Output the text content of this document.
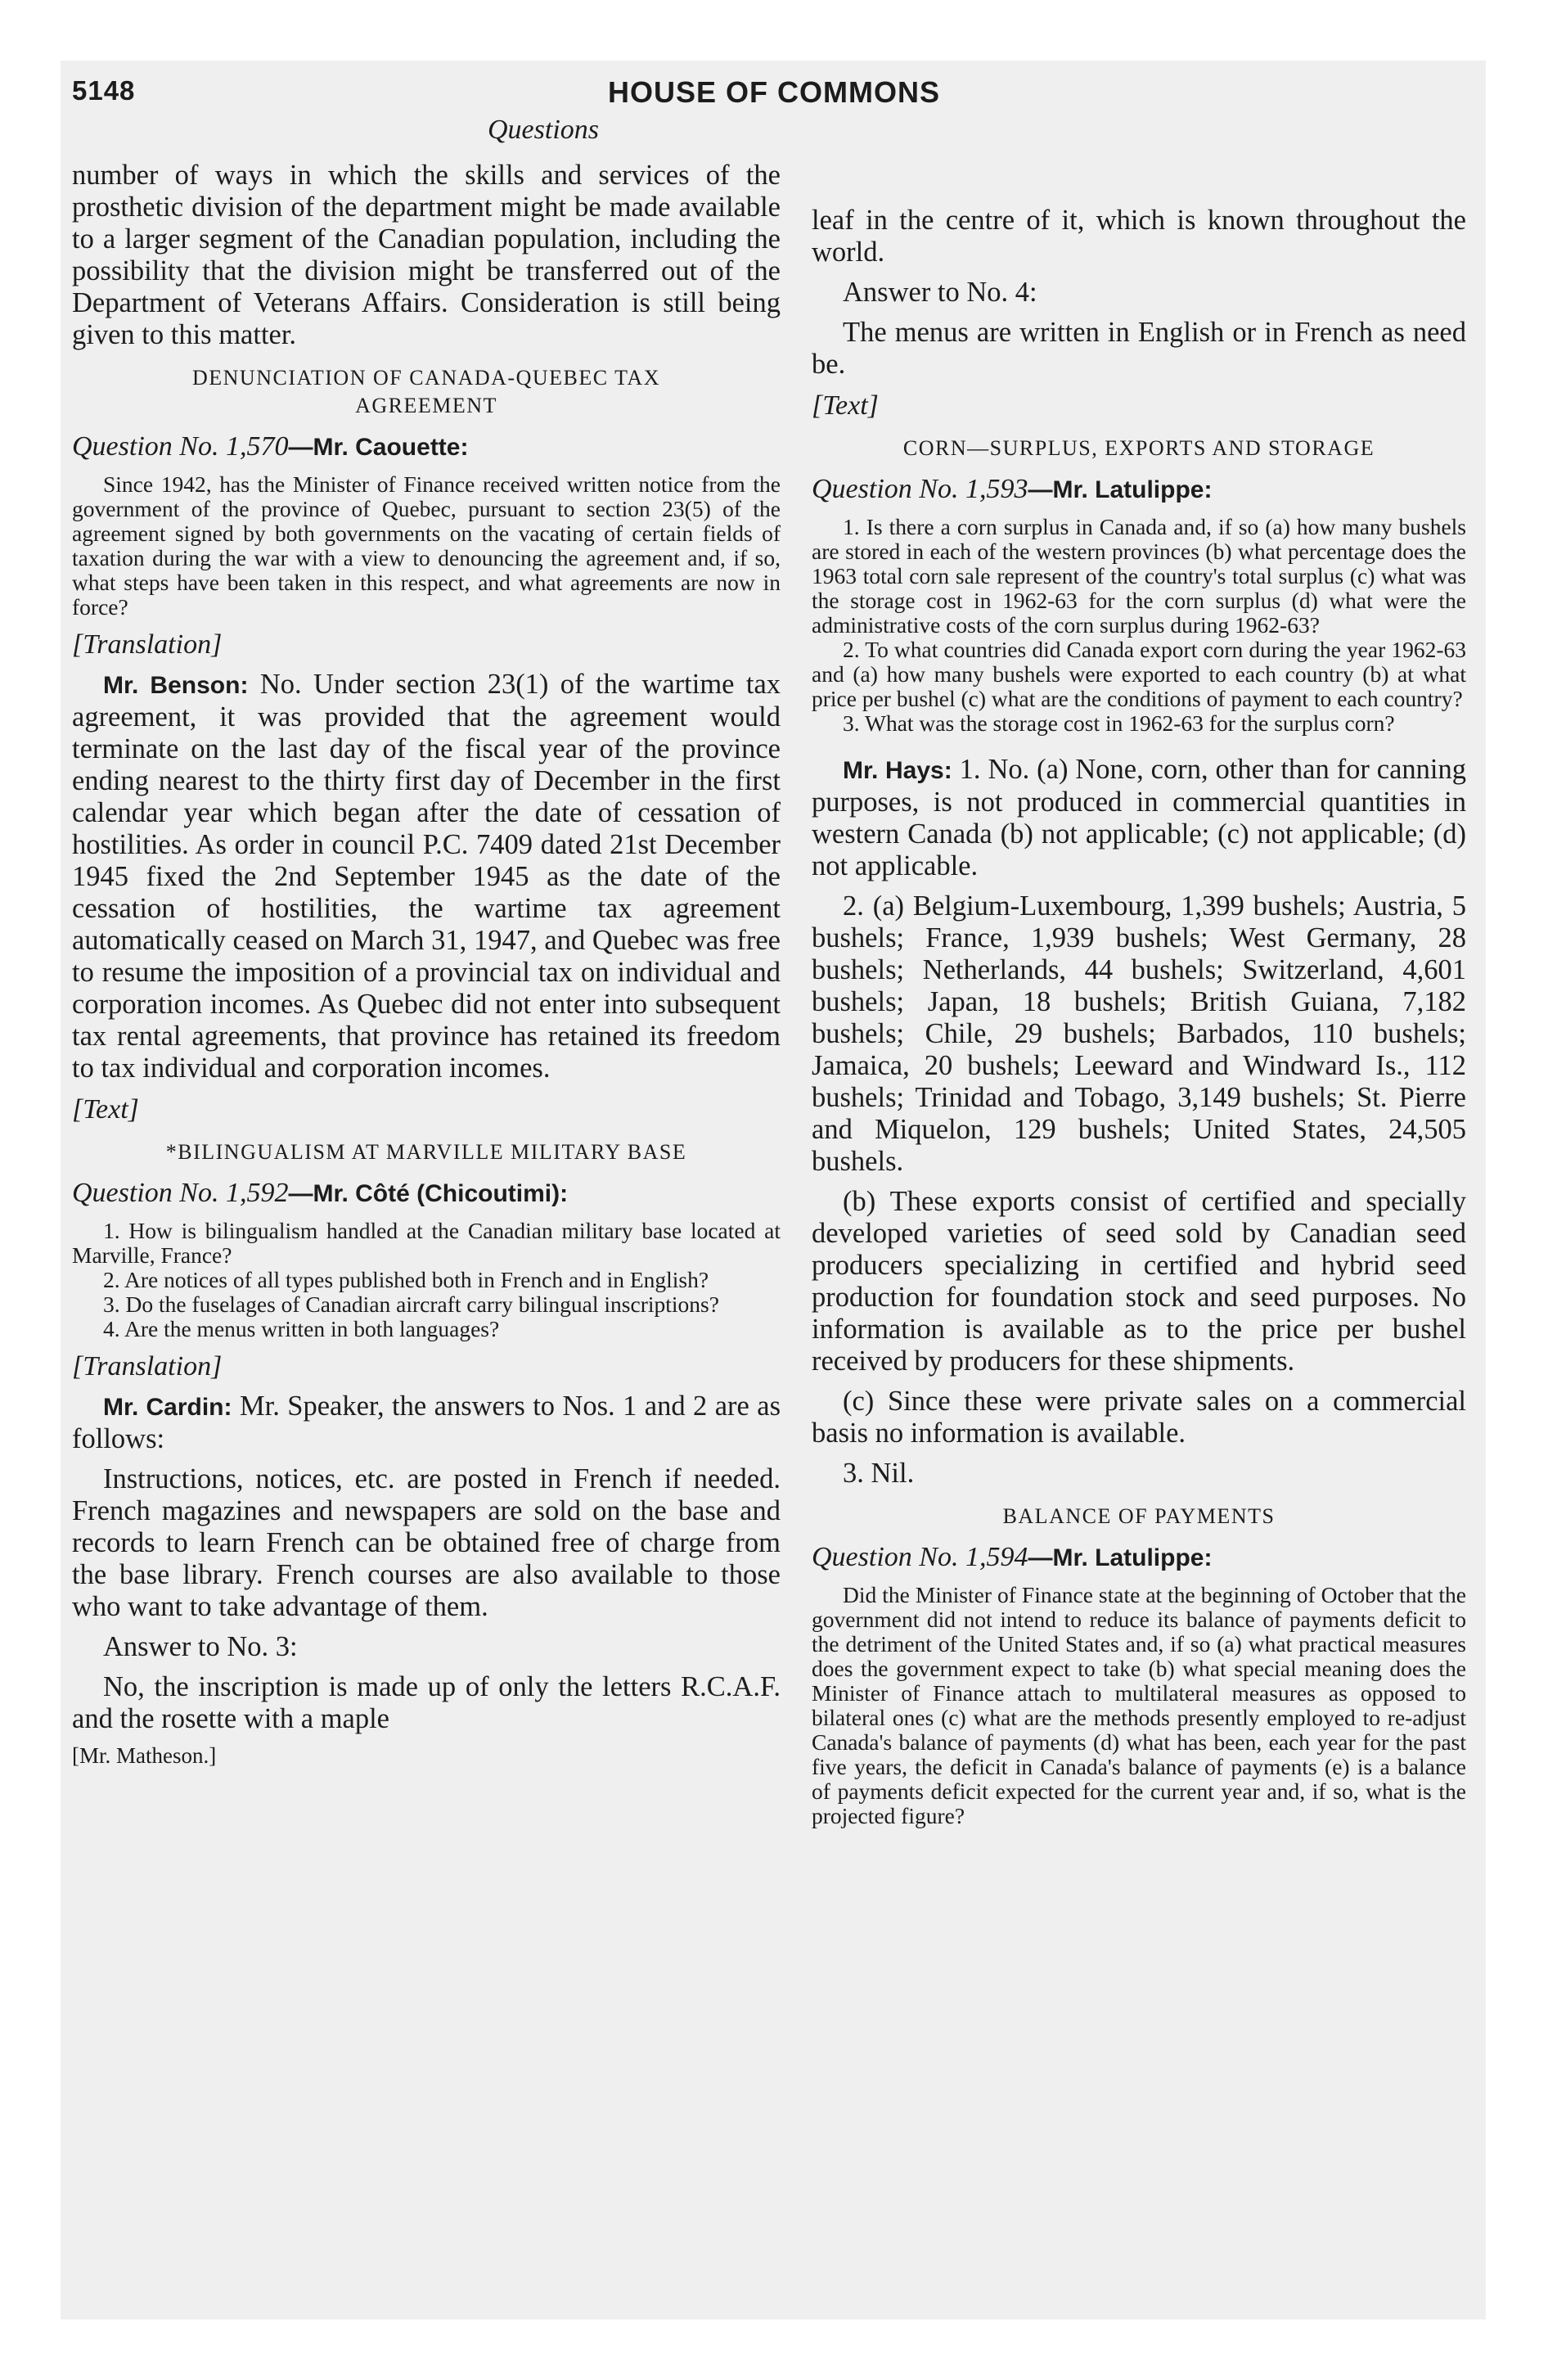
5148	HOUSE OF COMMONS
Questions

number of ways in which the skills and services of the prosthetic division of the department might be made available to a larger segment of the Canadian population, including the possibility that the division might be transferred out of the Department of Veterans Affairs. Consideration is still being given to this matter.

DENUNCIATION OF CANADA-QUEBEC TAX AGREEMENT
Question No. 1,570—Mr. Caouette:

Since 1942, has the Minister of Finance received written notice from the government of the province of Quebec, pursuant to section 23(5) of the agreement signed by both governments on the vacating of certain fields of taxation during the war with a view to denouncing the agreement and, if so, what steps have been taken in this respect, and what agreements are now in force?

[Translation]

Mr. Benson: No. Under section 23(1) of the wartime tax agreement, it was provided that the agreement would terminate on the last day of the fiscal year of the province ending nearest to the thirty first day of December in the first calendar year which began after the date of cessation of hostilities. As order in council P.C. 7409 dated 21st December 1945 fixed the 2nd September 1945 as the date of the cessation of hostilities, the wartime tax agreement automatically ceased on March 31, 1947, and Quebec was free to resume the imposition of a provincial tax on individual and corporation incomes. As Quebec did not enter into subsequent tax rental agreements, that province has retained its freedom to tax individual and corporation incomes.

[Text]
*BILINGUALISM AT MARVILLE MILITARY BASE
Question No. 1,592—Mr. Côté (Chicoutimi):

1. How is bilingualism handled at the Canadian military base located at Marville, France?

2. Are notices of all types published both in French and in English?

3. Do the fuselages of Canadian aircraft carry bilingual inscriptions?

4. Are the menus written in both languages?

[Translation]

Mr. Cardin: Mr. Speaker, the answers to Nos. 1 and 2 are as follows:

Instructions, notices, etc. are posted in French if needed. French magazines and newspapers are sold on the base and records to learn French can be obtained free of charge from the base library. French courses are also available to those who want to take advantage of them.

Answer to No. 3:

No, the inscription is made up of only the letters R.C.A.F. and the rosette with a maple

[Mr. Matheson.]

leaf in the centre of it, which is known throughout the world.

Answer to No. 4:

The menus are written in English or in French as need be.

[Text]
CORN—SURPLUS, EXPORTS AND STORAGE
Question No. 1,593—Mr. Latulippe:

1. Is there a corn surplus in Canada and, if so (a) how many bushels are stored in each of the western provinces (b) what percentage does the 1963 total corn sale represent of the country's total surplus (c) what was the storage cost in 1962-63 for the corn surplus (d) what were the administrative costs of the corn surplus during 1962-63?

2. To what countries did Canada export corn during the year 1962-63 and (a) how many bushels were exported to each country (b) at what price per bushel (c) what are the conditions of payment to each country?

3. What was the storage cost in 1962-63 for the surplus corn?

Mr. Hays: 1. No. (a) None, corn, other than for canning purposes, is not produced in commercial quantities in western Canada (b) not applicable; (c) not applicable; (d) not applicable.

2. (a) Belgium-Luxembourg, 1,399 bushels; Austria, 5 bushels; France, 1,939 bushels; West Germany, 28 bushels; Netherlands, 44 bushels; Switzerland, 4,601 bushels; Japan, 18 bushels; British Guiana, 7,182 bushels; Chile, 29 bushels; Barbados, 110 bushels; Jamaica, 20 bushels; Leeward and Windward Is., 112 bushels; Trinidad and Tobago, 3,149 bushels; St. Pierre and Miquelon, 129 bushels; United States, 24,505 bushels.

(b) These exports consist of certified and specially developed varieties of seed sold by Canadian seed producers specializing in certified and hybrid seed production for foundation stock and seed purposes. No information is available as to the price per bushel received by producers for these shipments.

(c) Since these were private sales on a commercial basis no information is available.

3. Nil.

BALANCE OF PAYMENTS
Question No. 1,594—Mr. Latulippe:

Did the Minister of Finance state at the beginning of October that the government did not intend to reduce its balance of payments deficit to the detriment of the United States and, if so (a) what practical measures does the government expect to take (b) what special meaning does the Minister of Finance attach to multilateral measures as opposed to bilateral ones (c) what are the methods presently employed to re-adjust Canada's balance of payments (d) what has been, each year for the past five years, the deficit in Canada's balance of payments (e) is a balance of payments deficit expected for the current year and, if so, what is the projected figure?
